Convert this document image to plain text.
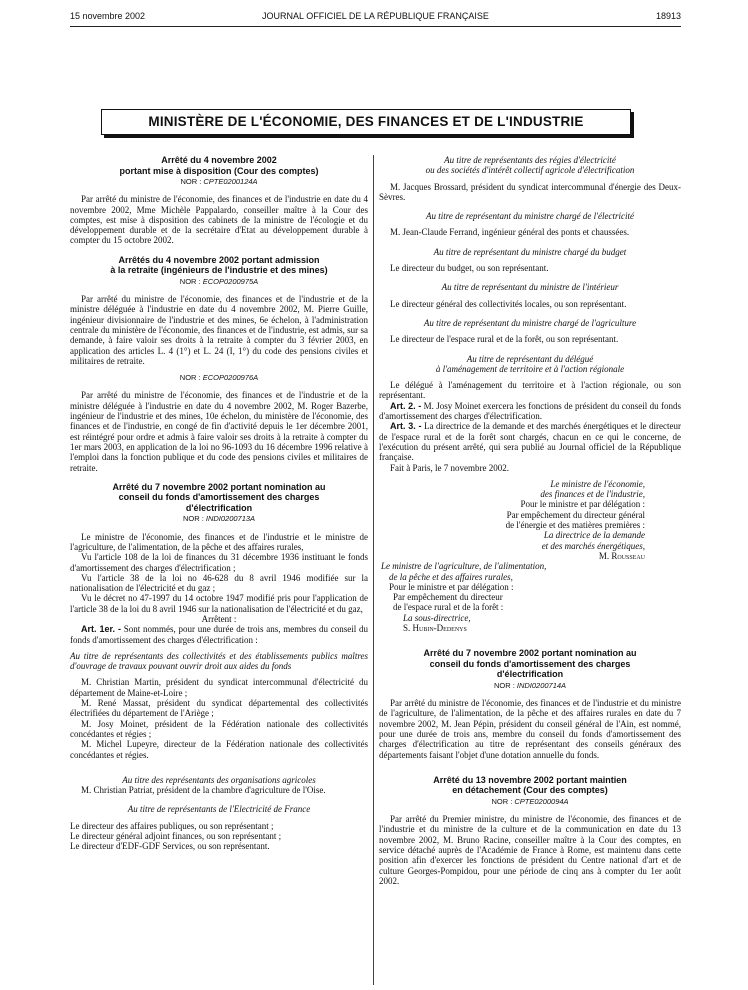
15 novembre 2002	JOURNAL OFFICIEL DE LA RÉPUBLIQUE FRANÇAISE	18913
MINISTÈRE DE L'ÉCONOMIE, DES FINANCES ET DE L'INDUSTRIE
Arrêté du 4 novembre 2002
portant mise à disposition (Cour des comptes)
NOR : CPTE0200124A

Par arrêté du ministre de l'économie, des finances et de l'industrie en date du 4 novembre 2002, Mme Michèle Pappalardo, conseiller maître à la Cour des comptes, est mise à disposition des cabinets de la ministre de l'écologie et du développement durable et de la secrétaire d'Etat au développement durable à compter du 15 octobre 2002.

Arrêtés du 4 novembre 2002 portant admission
à la retraite (ingénieurs de l'industrie et des mines)
NOR : ECOP0200975A

Par arrêté du ministre de l'économie, des finances et de l'industrie et de la ministre déléguée à l'industrie en date du 4 novembre 2002, M. Pierre Guille, ingénieur divisionnaire de l'industrie et des mines, 6e échelon, à l'administration centrale du ministère de l'économie, des finances et de l'industrie, est admis, sur sa demande, à faire valoir ses droits à la retraite à compter du 3 février 2003, en application des articles L. 4 (1°) et L. 24 (I, 1°) du code des pensions civiles et militaires de retraite.

NOR : ECOP0200976A

Par arrêté du ministre de l'économie, des finances et de l'industrie et de la ministre déléguée à l'industrie en date du 4 novembre 2002, M. Roger Bazerbe, ingénieur de l'industrie et des mines, 10e échelon, du ministère de l'économie, des finances et de l'industrie, en congé de fin d'activité depuis le 1er décembre 2001, est réintégré pour ordre et admis à faire valoir ses droits à la retraite à compter du 1er mars 2003, en application de la loi no 96-1093 du 16 décembre 1996 relative à l'emploi dans la fonction publique et du code des pensions civiles et militaires de retraite.

Arrêté du 7 novembre 2002 portant nomination au
conseil du fonds d'amortissement des charges
d'électrification
NOR : INDI0200713A

Le ministre de l'économie, des finances et de l'industrie et le ministre de l'agriculture, de l'alimentation, de la pêche et des affaires rurales,

Vu l'article 108 de la loi de finances du 31 décembre 1936 instituant le fonds d'amortissement des charges d'électrification ;

Vu l'article 38 de la loi no 46-628 du 8 avril 1946 modifiée sur la nationalisation de l'électricité et du gaz ;

Vu le décret no 47-1997 du 14 octobre 1947 modifié pris pour l'application de l'article 38 de la loi du 8 avril 1946 sur la nationalisation de l'électricité et du gaz,

Arrêtent :

Art. 1er. - Sont nommés, pour une durée de trois ans, membres du conseil du fonds d'amortissement des charges d'électrification :

Au titre de représentants des collectivités et des établissements publics maîtres d'ouvrage de travaux pouvant ouvrir droit aux aides du fonds

M. Christian Martin, président du syndicat intercommunal d'électricité du département de Maine-et-Loire ;

M. René Massat, président du syndicat départemental des collectivités électrifiées du département de l'Ariège ;

M. Josy Moinet, président de la Fédération nationale des collectivités concédantes et régies ;

M. Michel Lupeyre, directeur de la Fédération nationale des collectivités concédantes et régies.

Au titre des représentants des organisations agricoles

M. Christian Patriat, président de la chambre d'agriculture de l'Oise.

Au titre de représentants de l'Electricité de France

Le directeur des affaires publiques, ou son représentant ;

Le directeur général adjoint finances, ou son représentant ;

Le directeur d'EDF-GDF Services, ou son représentant.

Au titre de représentants des régies d'électricité

ou des sociétés d'intérêt collectif agricole d'électrification

M. Jacques Brossard, président du syndicat intercommunal d'énergie des Deux-Sèvres.

Au titre de représentant du ministre chargé de l'électricité

M. Jean-Claude Ferrand, ingénieur général des ponts et chaussées.

Au titre de représentant du ministre chargé du budget

Le directeur du budget, ou son représentant.

Au titre de représentant du ministre de l'intérieur

Le directeur général des collectivités locales, ou son représentant.

Au titre de représentant du ministre chargé de l'agriculture

Le directeur de l'espace rural et de la forêt, ou son représentant.

Au titre de représentant du délégué

à l'aménagement de territoire et à l'action régionale

Le délégué à l'aménagement du territoire et à l'action régionale, ou son représentant.

Art. 2. - M. Josy Moinet exercera les fonctions de président du conseil du fonds d'amortissement des charges d'électrification.

Art. 3. - La directrice de la demande et des marchés énergétiques et le directeur de l'espace rural et de la forêt sont chargés, chacun en ce qui le concerne, de l'exécution du présent arrêté, qui sera publié au Journal officiel de la République française.

Fait à Paris, le 7 novembre 2002.

Le ministre de l'économie,
des finances et de l'industrie,
Pour le ministre et par délégation :
Par empêchement du directeur général
de l'énergie et des matières premières :
La directrice de la demande
et des marchés énergétiques,
M. Rousseau
Le ministre de l'agriculture, de l'alimentation,
de la pêche et des affaires rurales,
Pour le ministre et par délégation :
Par empêchement du directeur
de l'espace rural et de la forêt :
La sous-directrice,
S. Hubin-Dedenys
Arrêté du 7 novembre 2002 portant nomination au
conseil du fonds d'amortissement des charges
d'électrification
NOR : INDI0200714A

Par arrêté du ministre de l'économie, des finances et de l'industrie et du ministre de l'agriculture, de l'alimentation, de la pêche et des affaires rurales en date du 7 novembre 2002, M. Jean Pépin, président du conseil général de l'Ain, est nommé, pour une durée de trois ans, membre du conseil du fonds d'amortissement des charges d'électrification au titre de représentant des conseils généraux des départements faisant l'objet d'une dotation annuelle du fonds.

Arrêté du 13 novembre 2002 portant maintien
en détachement (Cour des comptes)
NOR : CPTE0200094A

Par arrêté du Premier ministre, du ministre de l'économie, des finances et de l'industrie et du ministre de la culture et de la communication en date du 13 novembre 2002, M. Bruno Racine, conseiller maître à la Cour des comptes, en service détaché auprès de l'Académie de France à Rome, est maintenu dans cette position afin d'exercer les fonctions de président du Centre national d'art et de culture Georges-Pompidou, pour une période de cinq ans à compter du 1er août 2002.
